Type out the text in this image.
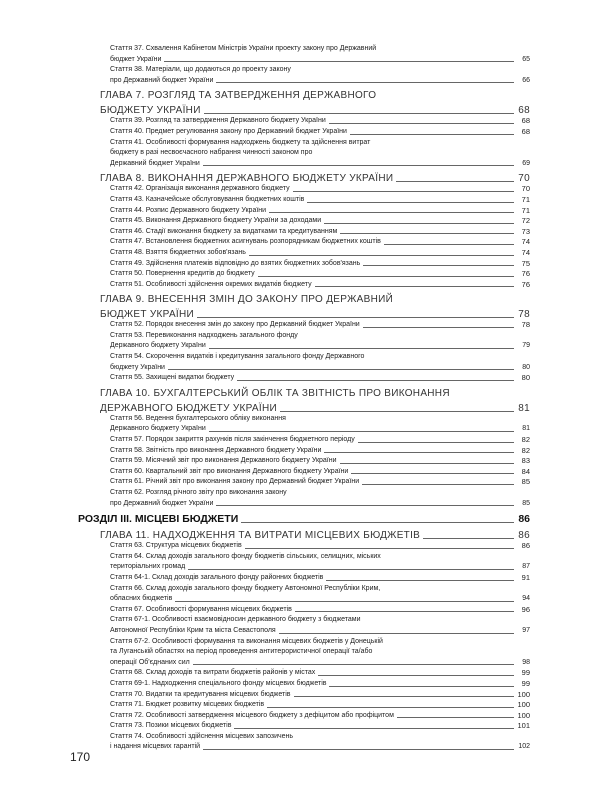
Стаття 37. Схвалення Кабінетом Міністрів України проекту закону про Державний
бюджет України	65
Стаття 38. Матеріали, що додаються до проекту закону
про Державний бюджет України	66
ГЛАВА 7. РОЗГЛЯД ТА ЗАТВЕРДЖЕННЯ ДЕРЖАВНОГО
БЮДЖЕТУ УКРАЇНИ	68
Стаття 39. Розгляд та затвердження Державного бюджету України	68
Стаття 40. Предмет регулювання закону про Державний бюджет України	68
Стаття 41. Особливості формування надходжень бюджету та здійснення витрат
бюджету в разі несвоєчасного набрання чинності законом про
Державний бюджет України	69
ГЛАВА 8. ВИКОНАННЯ ДЕРЖАВНОГО БЮДЖЕТУ УКРАЇНИ	70
Стаття 42. Організація виконання державного бюджету	70
Стаття 43. Казначейське обслуговування бюджетних коштів	71
Стаття 44. Розпис Державного бюджету України	71
Стаття 45. Виконання Державного бюджету України за доходами	72
Стаття 46. Стадії виконання бюджету за видатками та кредитуванням	73
Стаття 47. Встановлення бюджетних асигнувань розпорядникам бюджетних коштів	74
Стаття 48. Взяття бюджетних зобов'язань	74
Стаття 49. Здійснення платежів відповідно до взятих бюджетних зобов'язань	75
Стаття 50. Повернення кредитів до бюджету	76
Стаття 51. Особливості здійснення окремих видатків бюджету	76
ГЛАВА 9. ВНЕСЕННЯ ЗМІН ДО ЗАКОНУ ПРО ДЕРЖАВНИЙ
БЮДЖЕТ УКРАЇНИ	78
Стаття 52. Порядок внесення змін до закону про Державний бюджет України	78
Стаття 53. Перевиконання надходжень загального фонду
Державного бюджету України	79
Стаття 54. Скорочення видатків і кредитування загального фонду Державного
бюджету України	80
Стаття 55. Захищені видатки бюджету	80
ГЛАВА 10. БУХГАЛТЕРСЬКИЙ ОБЛІК ТА ЗВІТНІСТЬ ПРО ВИКОНАННЯ
ДЕРЖАВНОГО БЮДЖЕТУ УКРАЇНИ	81
Стаття 56. Ведення бухгалтерського обліку виконання
Державного бюджету України	81
Стаття 57. Порядок закриття рахунків після закінчення бюджетного періоду	82
Стаття 58. Звітність про виконання Державного бюджету України	82
Стаття 59. Місячний звіт про виконання Державного бюджету України	83
Стаття 60. Квартальний звіт про виконання Державного бюджету України	84
Стаття 61. Річний звіт про виконання закону про Державний бюджет України	85
Стаття 62. Розгляд річного звіту про виконання закону
про Державний бюджет України	85
РОЗДІЛ III. МІСЦЕВІ БЮДЖЕТИ	86
ГЛАВА 11. НАДХОДЖЕННЯ ТА ВИТРАТИ МІСЦЕВИХ БЮДЖЕТІВ	86
Стаття 63. Структура місцевих бюджетів	86
Стаття 64. Склад доходів загального фонду бюджетів сільських, селищних, міських
територіальних громад	87
Стаття 64-1. Склад доходів загального фонду районних бюджетів	91
Стаття 66. Склад доходів загального фонду бюджету Автономної Республіки Крим,
обласних бюджетів	94
Стаття 67. Особливості формування місцевих бюджетів	96
Стаття 67-1. Особливості взаємовідносин державного бюджету з бюджетами
Автономної Республіки Крим та міста Севастополя	97
Стаття 67-2. Особливості формування та виконання місцевих бюджетів у Донецькій
та Луганській областях на період проведення антитерористичної операції та/або
операції Об'єднаних сил	98
Стаття 68. Склад доходів та витрати бюджетів районів у містах	99
Стаття 69-1. Надходження спеціального фонду місцевих бюджетів	99
Стаття 70. Видатки та кредитування місцевих бюджетів	100
Стаття 71. Бюджет розвитку місцевих бюджетів	100
Стаття 72. Особливості затвердження місцевого бюджету з дефіцитом або профіцитом	100
Стаття 73. Позики місцевих бюджетів	101
Стаття 74. Особливості здійснення місцевих запозичень
і надання місцевих гарантій	102
170
